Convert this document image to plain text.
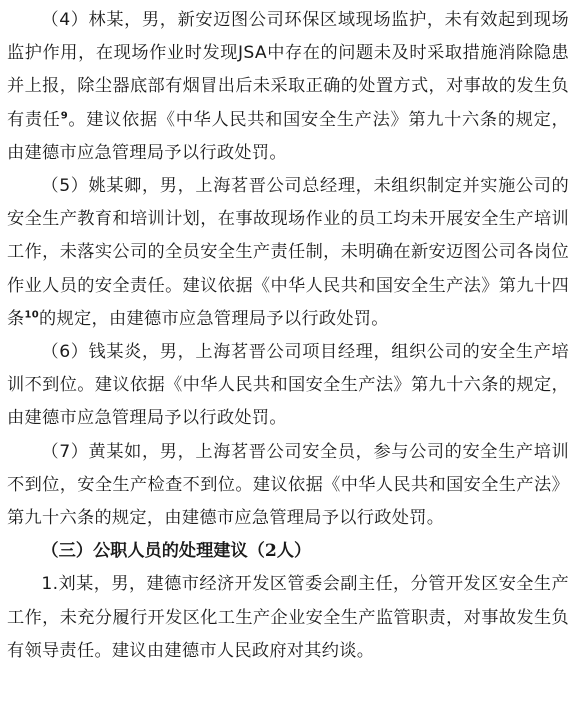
（4）林某，男，新安迈图公司环保区域现场监护，未有效起到现场监护作用，在现场作业时发现JSA中存在的问题未及时采取措施消除隐患并上报，除尘器底部有烟冒出后未采取正确的处置方式，对事故的发生负有责任$^9$。建议依据《中华人民共和国安全生产法》第九十六条的规定，由建德市应急管理局予以行政处罚。

（5）姚某卿，男，上海茗晋公司总经理，未组织制定并实施公司的安全生产教育和培训计划，在事故现场作业的员工均未开展安全生产培训工作，未落实公司的全员安全生产责任制，未明确在新安迈图公司各岗位作业人员的安全责任。建议依据《中华人民共和国安全生产法》第九十四条$^{10}$的规定，由建德市应急管理局予以行政处罚。

（6）钱某炎，男，上海茗晋公司项目经理，组织公司的安全生产培训不到位。建议依据《中华人民共和国安全生产法》第九十六条的规定，由建德市应急管理局予以行政处罚。

（7）黄某如，男，上海茗晋公司安全员，参与公司的安全生产培训不到位，安全生产检查不到位。建议依据《中华人民共和国安全生产法》第九十六条的规定，由建德市应急管理局予以行政处罚。

（三）公职人员的处理建议（2人）

1.刘某，男，建德市经济开发区管委会副主任，分管开发区安全生产工作，未充分履行开发区化工生产企业安全生产监管职责，对事故发生负有领导责任。建议由建德市人民政府对其约谈。
